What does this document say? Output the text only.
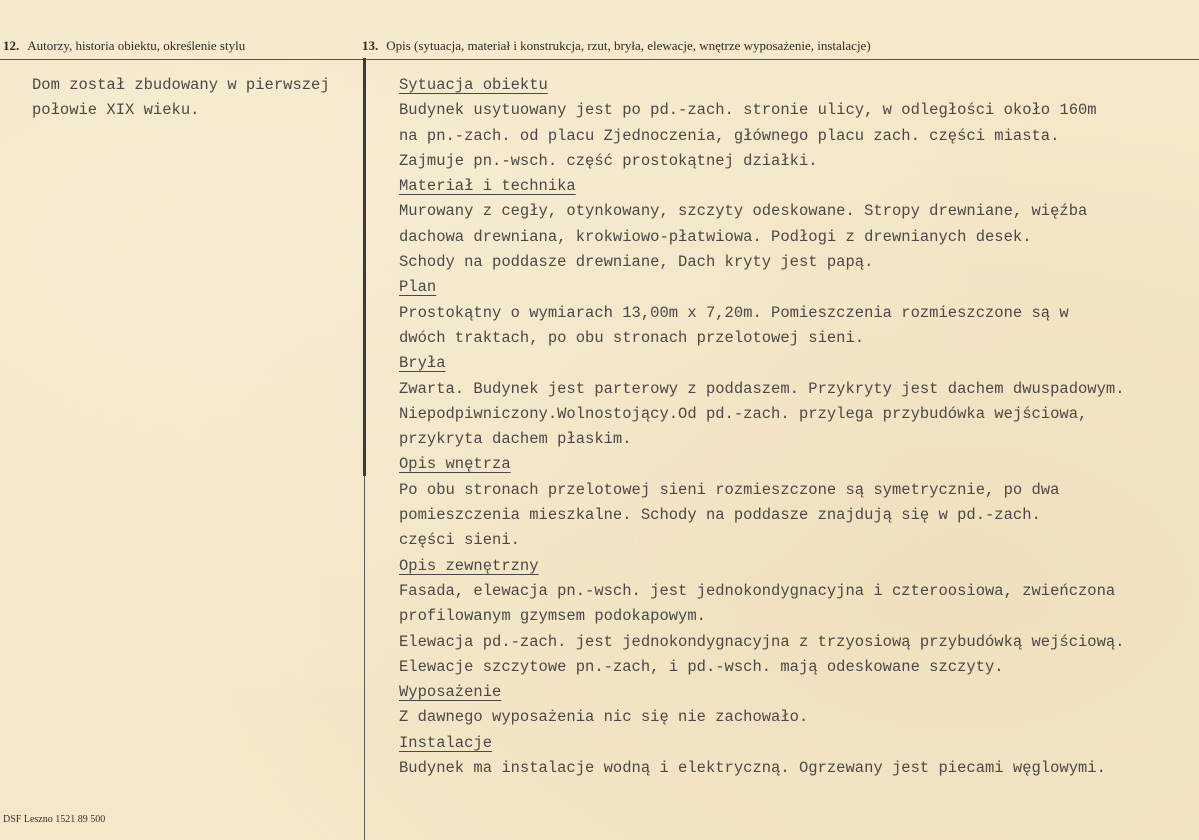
12. Autorzy, historia obiektu, określenie stylu	13. Opis (sytuacja, materiał i konstrukcja, rzut, bryła, elewacje, wnętrze wyposażenie, instalacje)
Dom został zbudowany w pierwszej
połowie XIX wieku.
Sytuacja obiektu
Budynek usytuowany jest po pd.-zach. stronie ulicy, w odległości około 160m
na pn.-zach. od placu Zjednoczenia, głównego placu zach. części miasta.
Zajmuje pn.-wsch. część prostokątnej działki.
Materiał i technika
Murowany z cegły, otynkowany, szczyty odeskowane. Stropy drewniane, więźba
dachowa drewniana, krokwiowo-płatwiowa. Podłogi z drewnianych desek.
Schody na poddasze drewniane, Dach kryty jest papą.
Plan
Prostokątny o wymiarach 13,00m x 7,20m. Pomieszczenia rozmieszczone są w
dwóch traktach, po obu stronach przelotowej sieni.
Bryła
Zwarta. Budynek jest parterowy z poddaszem. Przykryty jest dachem dwuspadowym.
Niepodpiwniczony.Wolnostojący.Od pd.-zach. przylega przybudówka wejściowa,
przykryta dachem płaskim.
Opis wnętrza
Po obu stronach przelotowej sieni rozmieszczone są symetrycznie, po dwa
pomieszczenia mieszkalne. Schody na poddasze znajdują się w pd.-zach.
części sieni.
Opis zewnętrzny
Fasada, elewacja pn.-wsch. jest jednokondygnacyjna i czteroosiowa, zwieńczona
profilowanym gzymsem podokapowym.
Elewacja pd.-zach. jest jednokondygnacyjna z trzyosiową przybudówką wejściową.
Elewacje szczytowe pn.-zach, i pd.-wsch. mają odeskowane szczyty.
Wyposażenie
Z dawnego wyposażenia nic się nie zachowało.
Instalacje
Budynek ma instalacje wodną i elektryczną. Ogrzewany jest piecami węglowymi.
DSF Leszno 1521 89 500
